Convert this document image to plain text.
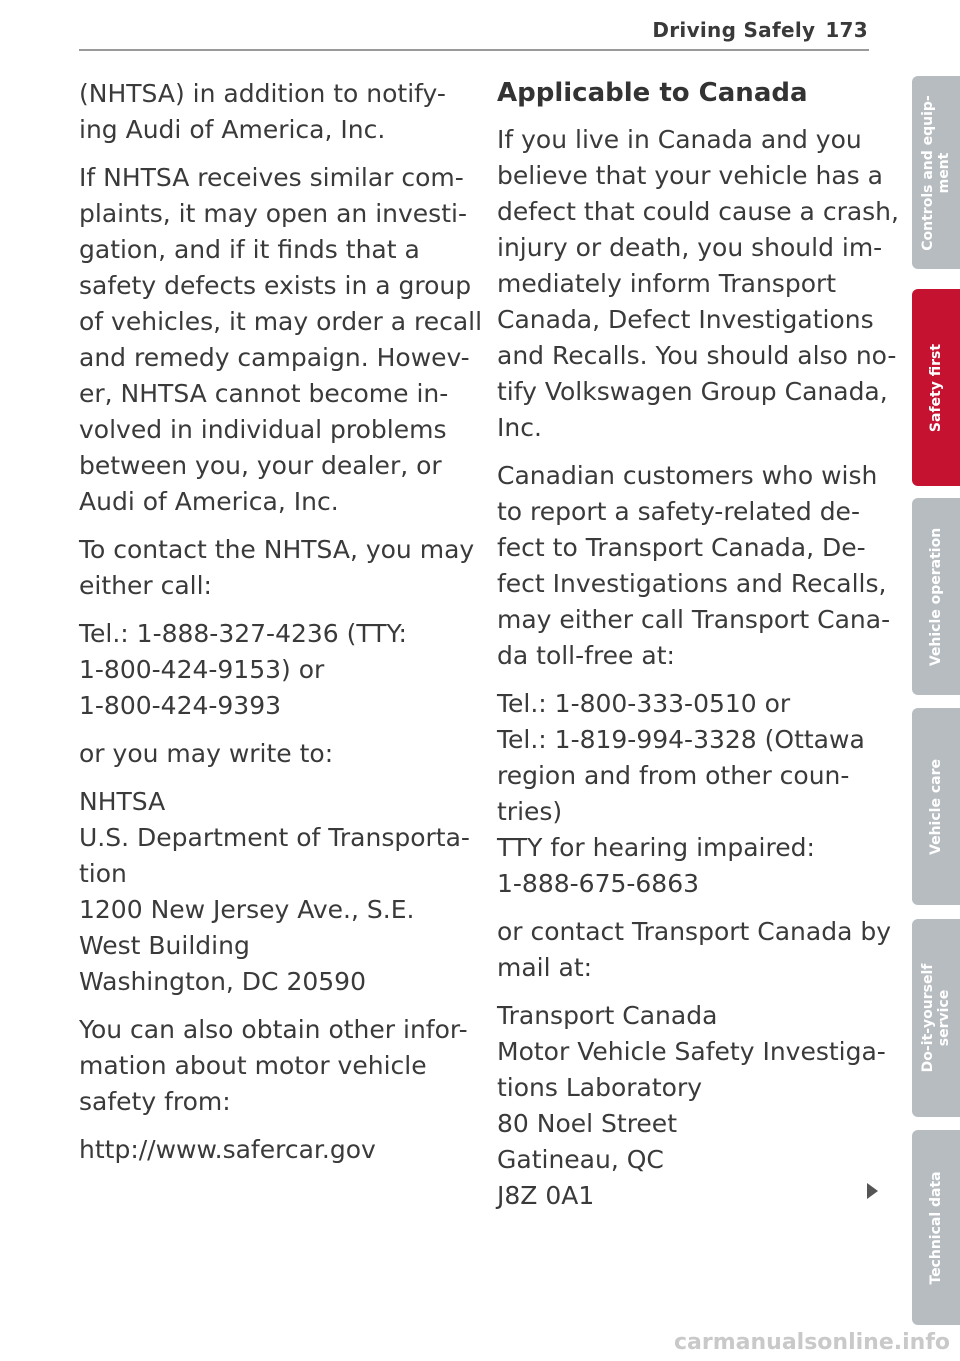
Driving Safely 173
(NHTSA) in addition to notify-
ing Audi of America, Inc.
If NHTSA receives similar com-
plaints, it may open an investi-
gation, and if it finds that a
safety defects exists in a group
of vehicles, it may order a recall
and remedy campaign. Howev-
er, NHTSA cannot become in-
volved in individual problems
between you, your dealer, or
Audi of America, Inc.
To contact the NHTSA, you may
either call:
Tel.: 1-888-327-4236 (TTY:
1-800-424-9153) or
1-800-424-9393
or you may write to:
NHTSA
U.S. Department of Transporta-
tion
1200 New Jersey Ave., S.E.
West Building
Washington, DC 20590
You can also obtain other infor-
mation about motor vehicle
safety from:
http://www.safercar.gov
Applicable to Canada
If you live in Canada and you
believe that your vehicle has a
defect that could cause a crash,
injury or death, you should im-
mediately inform Transport
Canada, Defect Investigations
and Recalls. You should also no-
tify Volkswagen Group Canada,
Inc.
Canadian customers who wish
to report a safety-related de-
fect to Transport Canada, De-
fect Investigations and Recalls,
may either call Transport Cana-
da toll-free at:
Tel.: 1-800-333-0510 or
Tel.: 1-819-994-3328 (Ottawa
region and from other coun-
tries)
TTY for hearing impaired:
1-888-675-6863
or contact Transport Canada by
mail at:
Transport Canada
Motor Vehicle Safety Investiga-
tions Laboratory
80 Noel Street
Gatineau, QC
J8Z 0A1
Controls and equip-
ment
Safety first
Vehicle operation
Vehicle care
Do-it-yourself
service
Technical data
carmanualsonline.info
